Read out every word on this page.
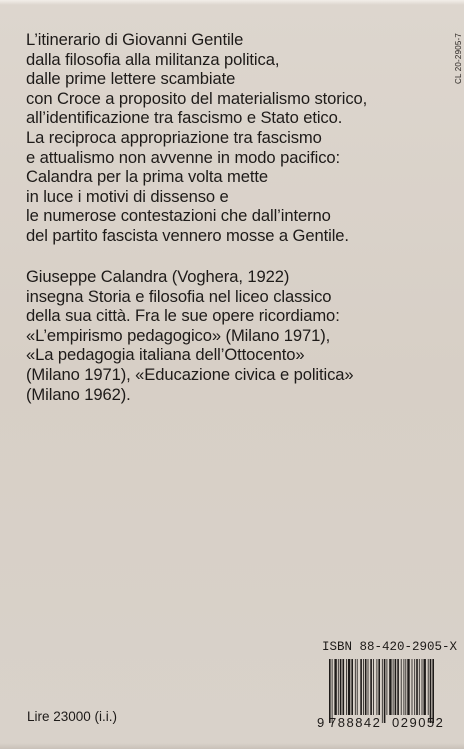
L’itinerario di Giovanni Gentile
dalla filosofia alla militanza politica,
dalle prime lettere scambiate
con Croce a proposito del materialismo storico,
all’identificazione tra fascismo e Stato etico.
La reciproca appropriazione tra fascismo
e attualismo non avvenne in modo pacifico:
Calandra per la prima volta mette
in luce i motivi di dissenso e
le numerose contestazioni che dall’interno
del partito fascista vennero mosse a Gentile.

Giuseppe Calandra (Voghera, 1922)
insegna Storia e filosofia nel liceo classico
della sua città. Fra le sue opere ricordiamo:
«L’empirismo pedagogico» (Milano 1971),
«La pedagogia italiana dell’Ottocento»
(Milano 1971), «Educazione civica e politica»
(Milano 1962).

CL 20-2905-7
ISBN 88-420-2905-X
9 788842 029052
Lire 23000 (i.i.)
